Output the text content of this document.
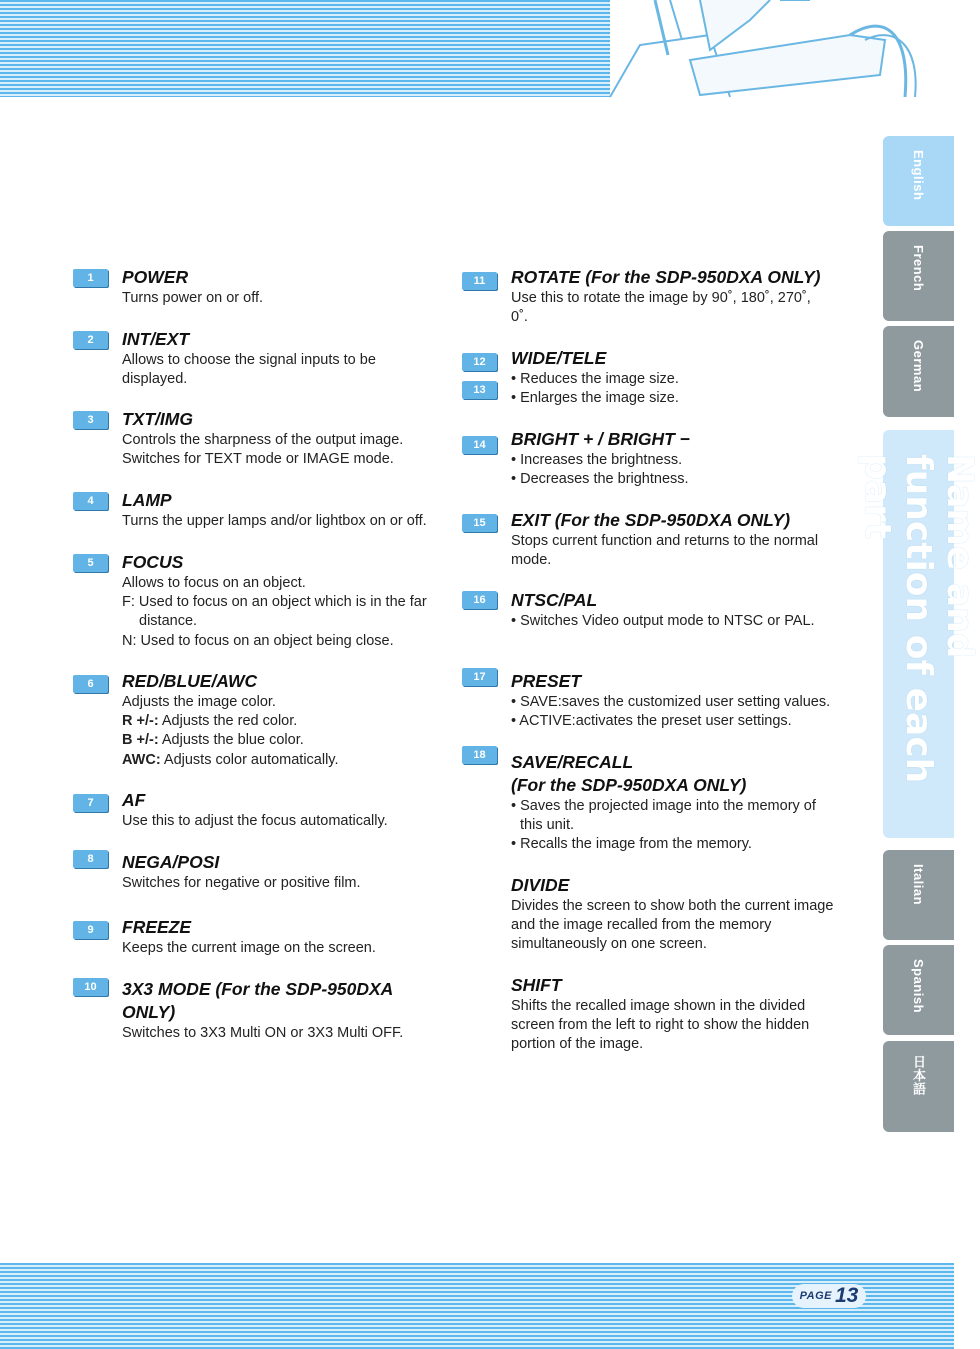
1	POWER
Turns power on or off.
2	INT/EXT
Allows to choose the signal inputs to be displayed.
3	TXT/IMG
Controls the sharpness of the output image.
Switches for TEXT mode or IMAGE mode.
4	LAMP
Turns the upper lamps and/or lightbox on or off.
5	FOCUS
Allows to focus on an object.
F: Used to focus on an object which is in the far
distance.
N: Used to focus on an object being close.
6	RED/BLUE/AWC
Adjusts the image color.
R +/-: Adjusts the red color.
B +/-: Adjusts the blue color.
AWC: Adjusts color automatically.
7	AF
Use this to adjust the focus automatically.
8	NEGA/POSI
Switches for negative or positive film.
9	FREEZE
Keeps the current image on the screen.
10	3X3 MODE (For the SDP-950DXA ONLY)
Switches to 3X3 Multi ON or 3X3 Multi OFF.
11	ROTATE (For the SDP-950DXA ONLY)
Use this to rotate the image by 90˚, 180˚, 270˚, 0˚.
12
13
WIDE/TELE
• Reduces the image size.
• Enlarges the image size.
14	BRIGHT + / BRIGHT −
• Increases the brightness.
• Decreases the brightness.
15	EXIT (For the SDP-950DXA ONLY)
Stops current function and returns to the normal mode.
16	NTSC/PAL
• Switches Video output mode to NTSC or PAL.
17	PRESET
• SAVE:saves the customized user setting values.
• ACTIVE:activates the preset user settings.
18	SAVE/RECALL
(For the SDP-950DXA ONLY)
• Saves the projected image into the memory of this unit.
• Recalls the image from the memory.
DIVIDE
Divides the screen to show both the current image and the image recalled from the memory simultaneously on one screen.
SHIFT
Shifts the recalled image shown in the divided screen from the left to right to show the hidden portion of the image.
English
French
German
Name and function of each part
Italian
Spanish
日本語
PAGE 13
